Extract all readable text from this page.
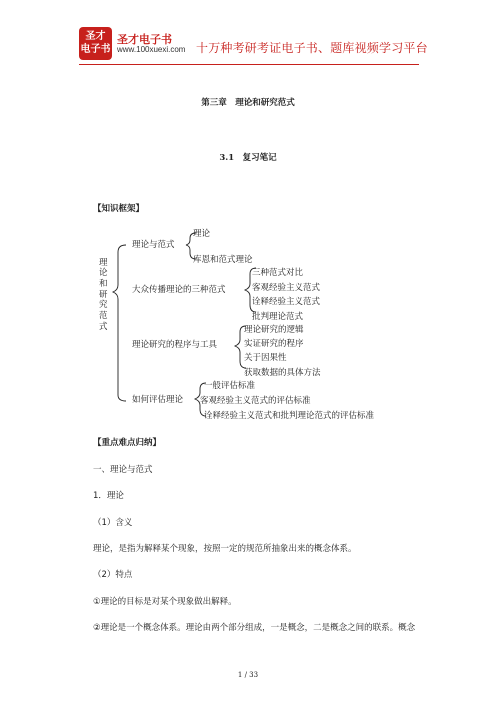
圣才
电子书
圣才电子书
www.100xuexi.com 十万种考研考证电子书、题库视频学习平台
第三章　理论和研究范式
3.1　复习笔记
【知识框架】
理
论
和
研
究
范
式
理论与范式
理论
库恩和范式理论
大众传播理论的三种范式
三种范式对比
客观经验主义范式
诠释经验主义范式
批判理论范式
理论研究的程序与工具
理论研究的逻辑
实证研究的程序
关于因果性
获取数据的具体方法
如何评估理论
一般评估标准
客观经验主义范式的评估标准
诠释经验主义范式和批判理论范式的评估标准
【重点难点归纳】
一、理论与范式
1．理论
（1）含义
理论，是指为解释某个现象，按照一定的规范所抽象出来的概念体系。
（2）特点
①理论的目标是对某个现象做出解释。
②理论是一个概念体系。理论由两个部分组成，一是概念，二是概念之间的联系。概念
1 / 33
